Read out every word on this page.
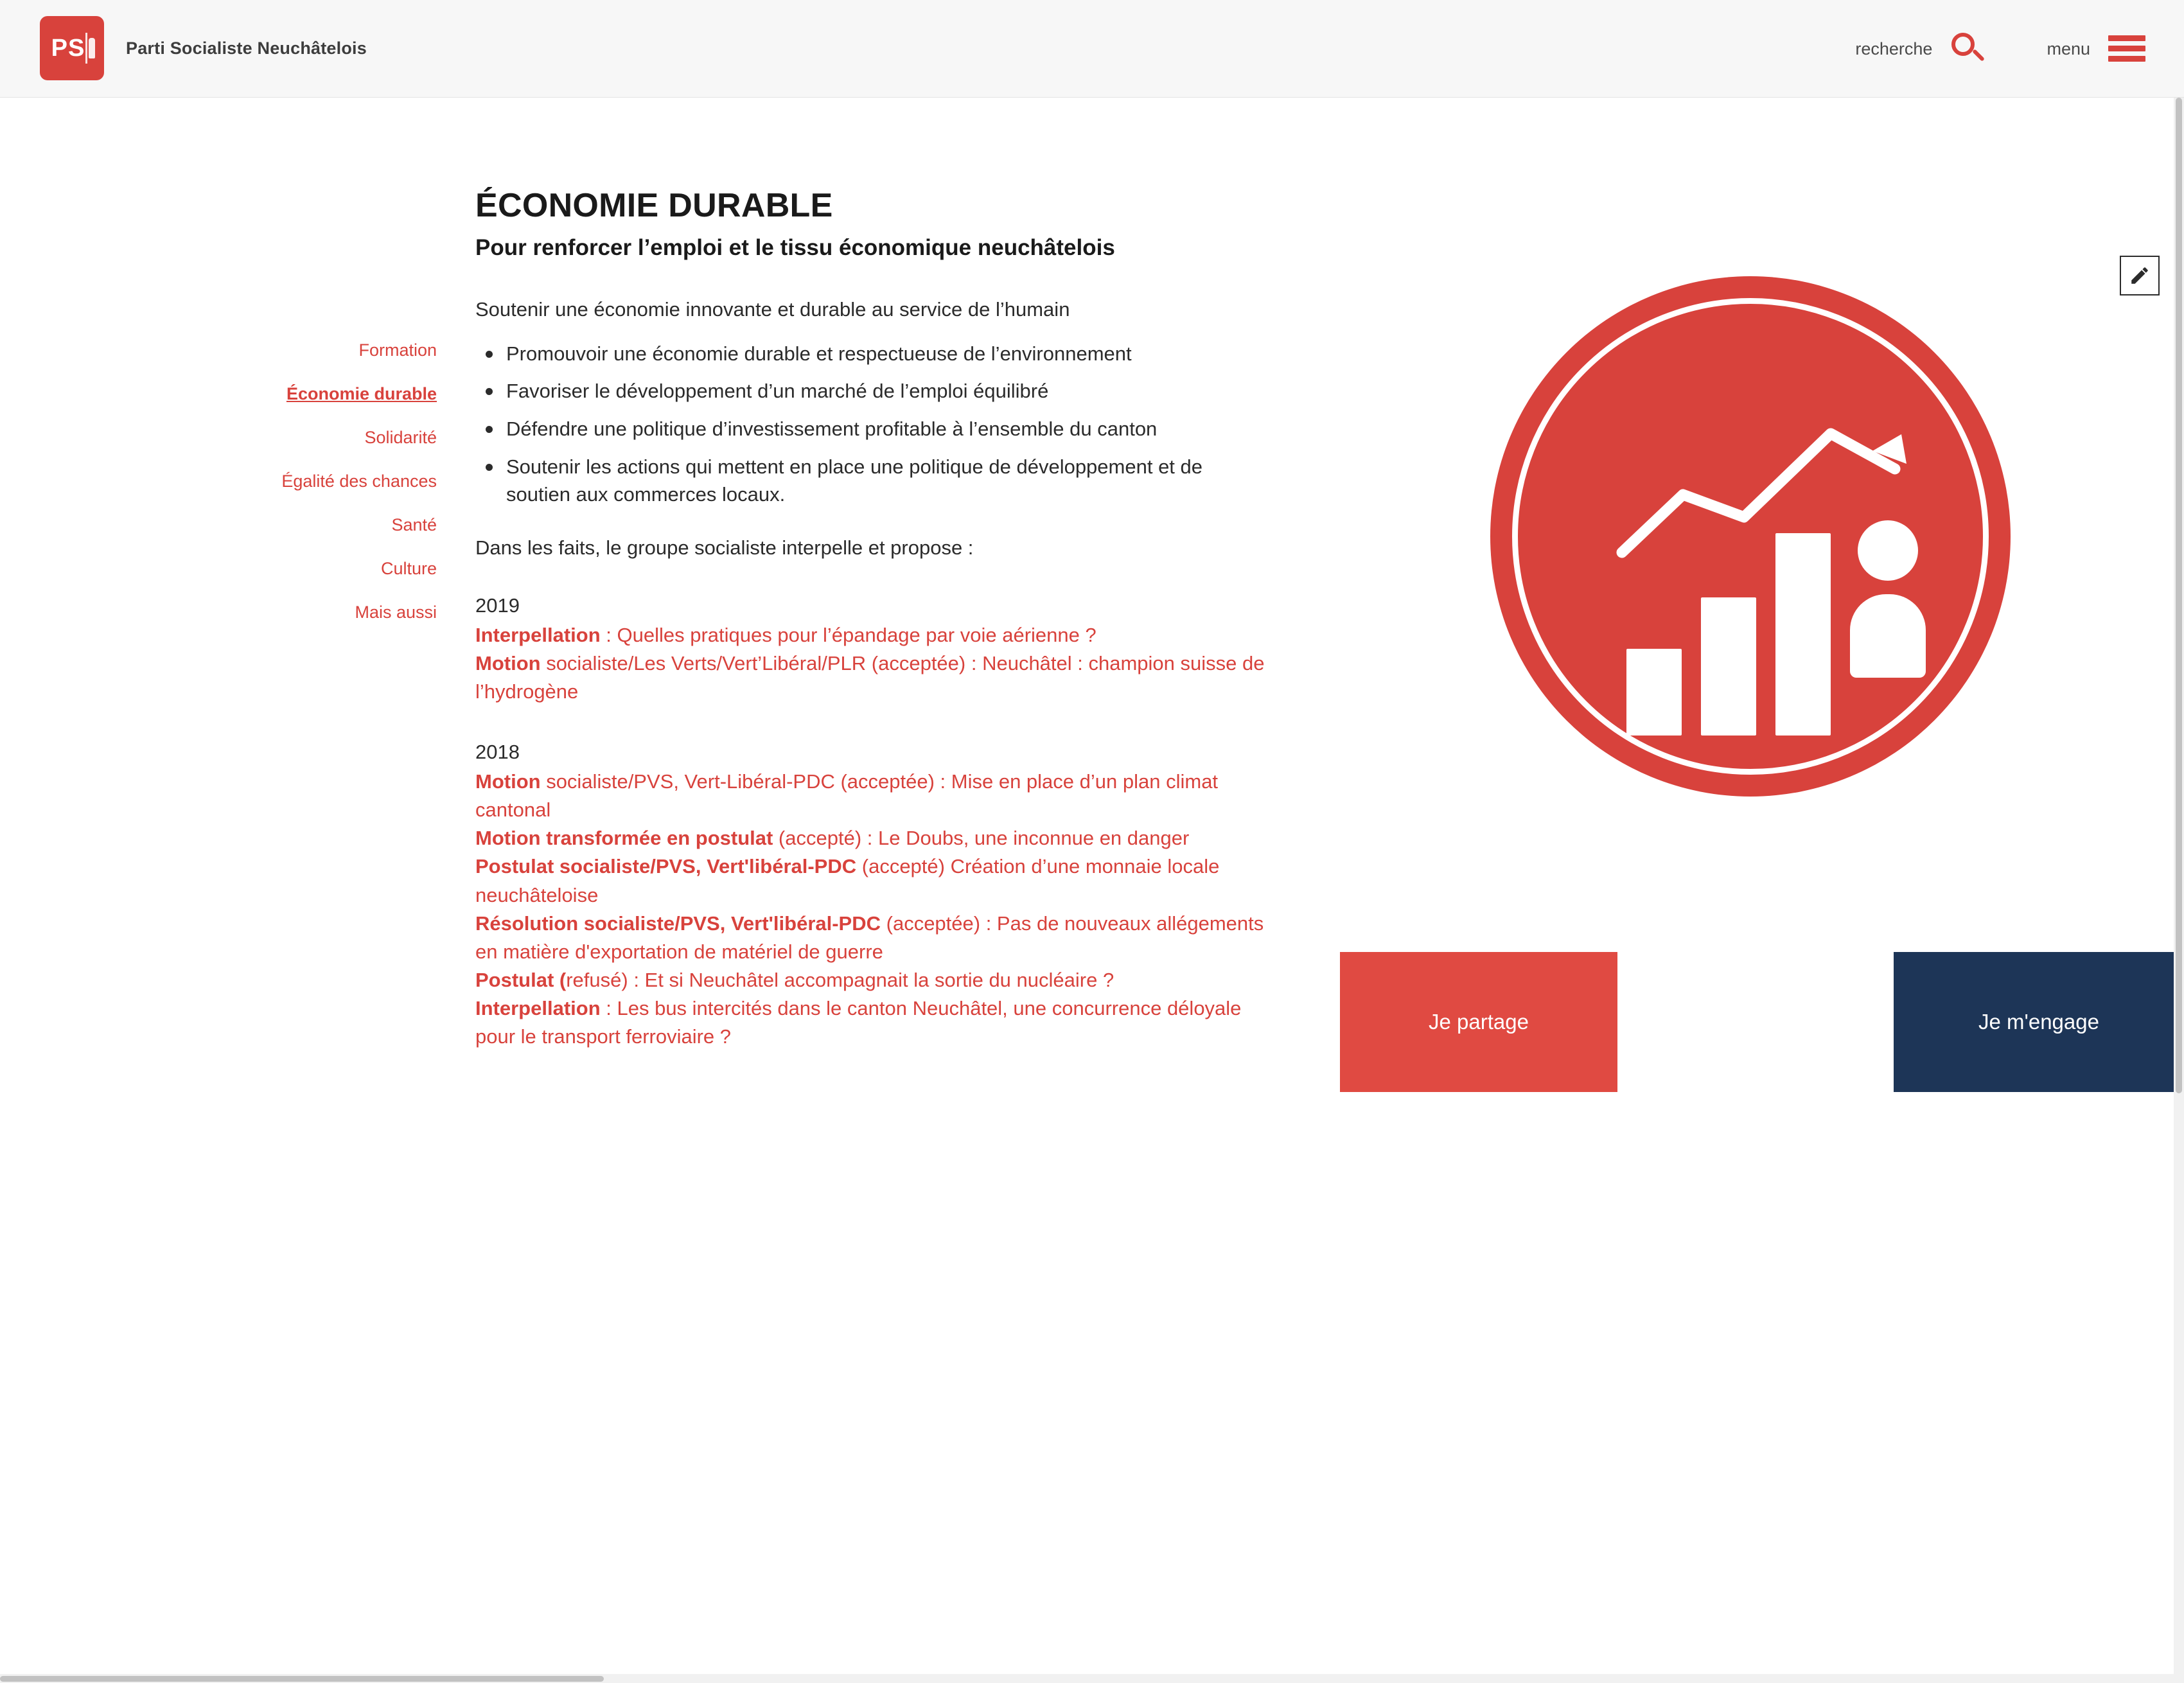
PS Parti Socialiste Neuchâtelois	recherche	menu
Formation
Économie durable
Solidarité
Égalité des chances
Santé
Culture
Mais aussi
ÉCONOMIE DURABLE
Pour renforcer l’emploi et le tissu économique neuchâtelois

Soutenir une économie innovante et durable au service de l’humain

Promouvoir une économie durable et respectueuse de l’environnement
Favoriser le développement d’un marché de l’emploi équilibré
Défendre une politique d’investissement profitable à l’ensemble du canton
Soutenir les actions qui mettent en place une politique de développement et de soutien aux commerces locaux.

Dans les faits, le groupe socialiste interpelle et propose :

2019
Interpellation : Quelles pratiques pour l’épandage par voie aérienne ?
Motion socialiste/Les Verts/Vert’Libéral/PLR (acceptée) : Neuchâtel : champion suisse de l’hydrogène
2018
Motion socialiste/PVS, Vert-Libéral-PDC (acceptée) : Mise en place d’un plan climat cantonal
Motion transformée en postulat (accepté) : Le Doubs, une inconnue en danger
Postulat socialiste/PVS, Vert'libéral-PDC (accepté) Création d’une monnaie locale neuchâteloise
Résolution socialiste/PVS, Vert'libéral-PDC (acceptée) : Pas de nouveaux allégements en matière d'exportation de matériel de guerre
Postulat (refusé) : Et si Neuchâtel accompagnait la sortie du nucléaire ?
Interpellation : Les bus intercités dans le canton Neuchâtel, une concurrence déloyale pour le transport ferroviaire ?
Je partage	Je m'engage
